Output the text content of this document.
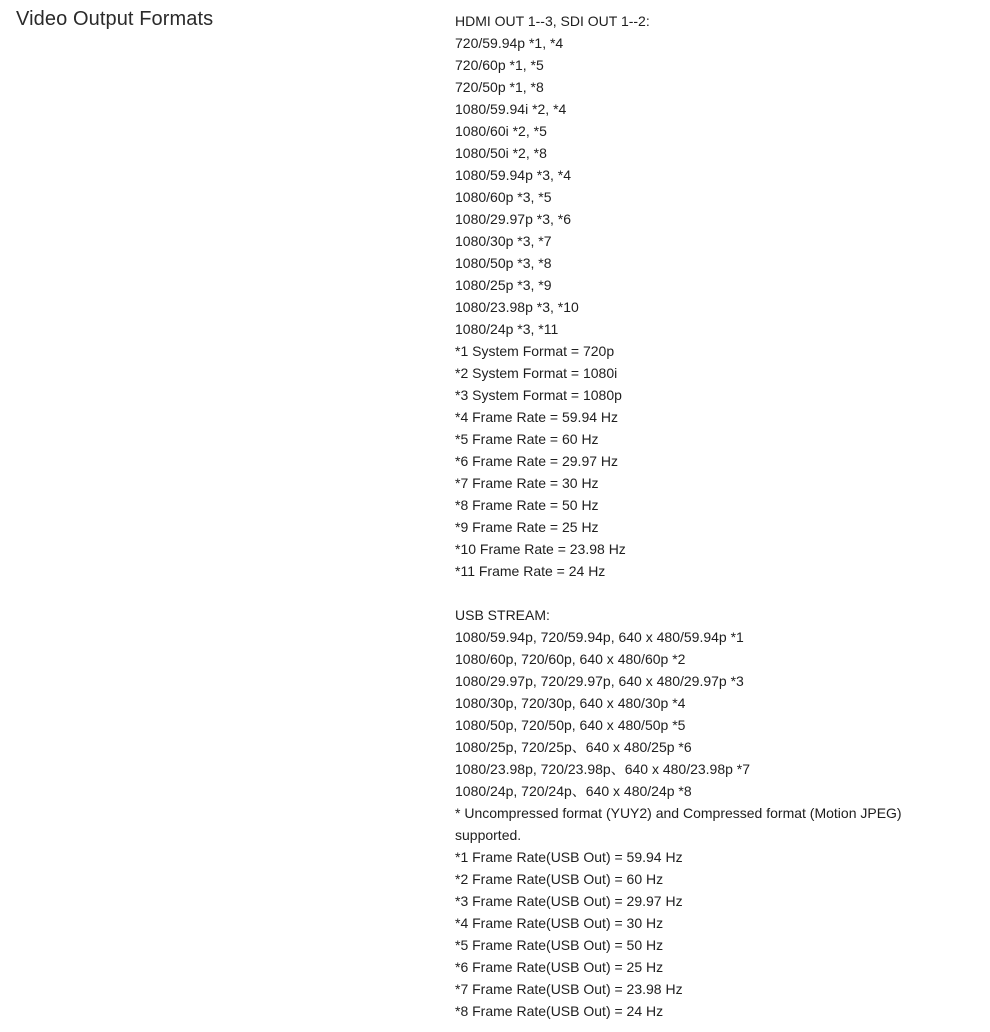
Video Output Formats	HDMI OUT 1--3, SDI OUT 1--2:
720/59.94p *1, *4
720/60p *1, *5
720/50p *1, *8
1080/59.94i *2, *4
1080/60i *2, *5
1080/50i *2, *8
1080/59.94p *3, *4
1080/60p *3, *5
1080/29.97p *3, *6
1080/30p *3, *7
1080/50p *3, *8
1080/25p *3, *9
1080/23.98p *3, *10
1080/24p *3, *11
*1 System Format = 720p
*2 System Format = 1080i
*3 System Format = 1080p
*4 Frame Rate = 59.94 Hz
*5 Frame Rate = 60 Hz
*6 Frame Rate = 29.97 Hz
*7 Frame Rate = 30 Hz
*8 Frame Rate = 50 Hz
*9 Frame Rate = 25 Hz
*10 Frame Rate = 23.98 Hz
*11 Frame Rate = 24 Hz
USB STREAM:
1080/59.94p, 720/59.94p, 640 x 480/59.94p *1
1080/60p, 720/60p, 640 x 480/60p *2
1080/29.97p, 720/29.97p, 640 x 480/29.97p *3
1080/30p, 720/30p, 640 x 480/30p *4
1080/50p, 720/50p, 640 x 480/50p *5
1080/25p, 720/25p、640 x 480/25p *6
1080/23.98p, 720/23.98p、640 x 480/23.98p *7
1080/24p, 720/24p、640 x 480/24p *8
* Uncompressed format (YUY2) and Compressed format (Motion JPEG) supported.
*1 Frame Rate(USB Out) = 59.94 Hz
*2 Frame Rate(USB Out) = 60 Hz
*3 Frame Rate(USB Out) = 29.97 Hz
*4 Frame Rate(USB Out) = 30 Hz
*5 Frame Rate(USB Out) = 50 Hz
*6 Frame Rate(USB Out) = 25 Hz
*7 Frame Rate(USB Out) = 23.98 Hz
*8 Frame Rate(USB Out) = 24 Hz
